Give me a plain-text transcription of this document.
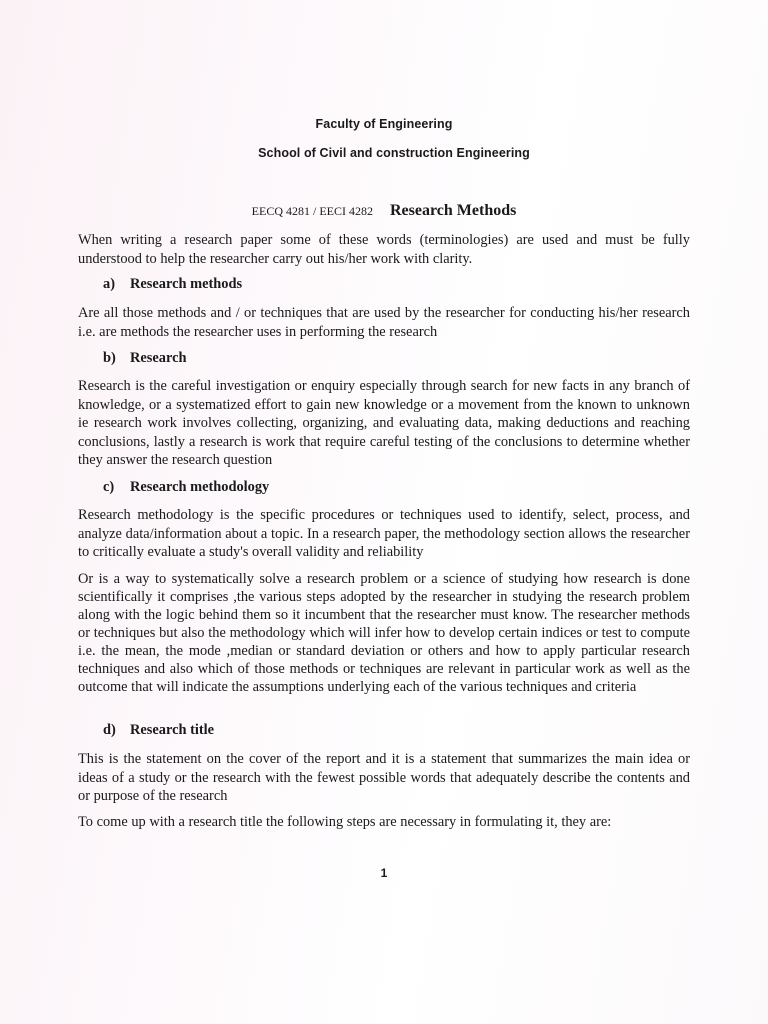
Faculty of Engineering
School of Civil and construction Engineering
EECQ 4281 / EECI 4282 Research Methods
When writing a research paper some of these words (terminologies) are used and must be fully understood to help the researcher carry out his/her work with clarity.
a) Research methods
Are all those methods and / or techniques that are used by the researcher for conducting his/her research i.e. are methods the researcher uses in performing the research
b) Research
Research is the careful investigation or enquiry especially through search for new facts in any branch of knowledge, or a systematized effort to gain new knowledge or a movement from the known to unknown ie research work involves collecting, organizing, and evaluating data, making deductions and reaching conclusions, lastly a research is work that require careful testing of the conclusions to determine whether they answer the research question
c) Research methodology
Research methodology is the specific procedures or techniques used to identify, select, process, and analyze data/information about a topic. In a research paper, the methodology section allows the researcher to critically evaluate a study's overall validity and reliability
Or is a way to systematically solve a research problem or a science of studying how research is done scientifically it comprises ,the various steps adopted by the researcher in studying the research problem along with the logic behind them so it incumbent that the researcher must know. The researcher methods or techniques but also the methodology which will infer how to develop certain indices or test to compute i.e. the mean, the mode ,median or standard deviation or others and how to apply particular research techniques and also which of those methods or techniques are relevant in particular work as well as the outcome that will indicate the assumptions underlying each of the various techniques and criteria
d) Research title
This is the statement on the cover of the report and it is a statement that summarizes the main idea or ideas of a study or the research with the fewest possible words that adequately describe the contents and or purpose of the research
To come up with a research title the following steps are necessary in formulating it, they are:
1
